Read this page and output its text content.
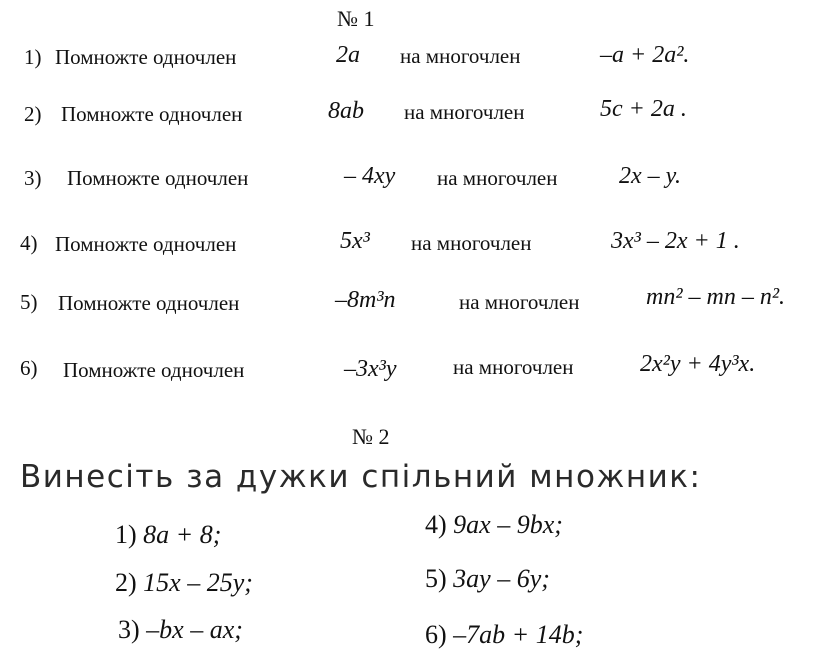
№ 1
1) Помножте одночлен	2a на многочлен	–a + 2a².
2) Помножте одночлен	8ab на многочлен	5c + 2a .
3) Помножте одночлен	– 4xy на многочлен	2x – y.
4) Помножте одночлен	5x³ на многочлен	3x³ – 2x + 1 .
5) Помножте одночлен	–8m³n	на многочлен	mn² – mn – n².
6) Помножте одночлен	–3x³y	на многочлен	2x²y + 4y³x.
№ 2
Винесіть за дужки спільний множник:
1) 8a + 8;
2) 15x – 25y;
3) –bx – ax;
4) 9ax – 9bx;
5) 3ay – 6y;
6) –7ab + 14b;
